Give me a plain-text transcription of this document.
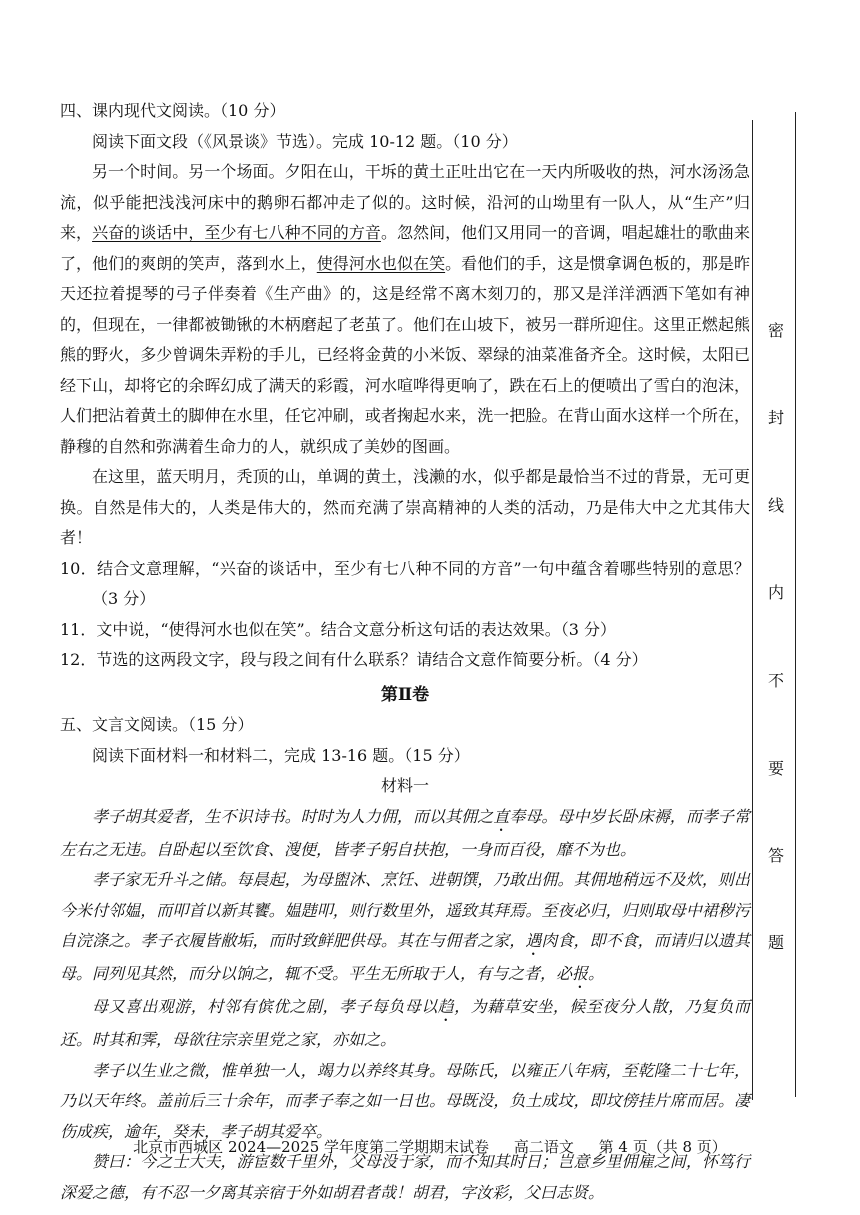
四、课内现代文阅读。（10 分）

阅读下面文段（《风景谈》节选）。完成 10-12 题。（10 分）

另一个时间。另一个场面。夕阳在山，干坼的黄土正吐出它在一天内所吸收的热，河水汤汤急流，似乎能把浅浅河床中的鹅卵石都冲走了似的。这时候，沿河的山坳里有一队人，从“生产”归来，兴奋的谈话中，至少有七八种不同的方音。忽然间，他们又用同一的音调，唱起雄壮的歌曲来了，他们的爽朗的笑声，落到水上，使得河水也似在笑。看他们的手，这是惯拿调色板的，那是昨天还拉着提琴的弓子伴奏着《生产曲》的，这是经常不离木刻刀的，那又是洋洋洒洒下笔如有神的，但现在，一律都被锄锹的木柄磨起了老茧了。他们在山坡下，被另一群所迎住。这里正燃起熊熊的野火，多少曾调朱弄粉的手儿，已经将金黄的小米饭、翠绿的油菜准备齐全。这时候，太阳已经下山，却将它的余晖幻成了满天的彩霞，河水喧哗得更响了，跌在石上的便喷出了雪白的泡沫，人们把沾着黄土的脚伸在水里，任它冲刷，或者掬起水来，洗一把脸。在背山面水这样一个所在，静穆的自然和弥满着生命力的人，就织成了美妙的图画。

在这里，蓝天明月，秃顶的山，单调的黄土，浅濑的水，似乎都是最恰当不过的背景，无可更换。自然是伟大的，人类是伟大的，然而充满了崇高精神的人类的活动，乃是伟大中之尤其伟大者！

10．结合文意理解，“兴奋的谈话中，至少有七八种不同的方音”一句中蕴含着哪些特别的意思？（3 分）

11．文中说，“使得河水也似在笑”。结合文意分析这句话的表达效果。（3 分）

12．节选的这两段文字，段与段之间有什么联系？请结合文意作简要分析。（4 分）

第Ⅱ卷

五、文言文阅读。（15 分）

阅读下面材料一和材料二，完成 13-16 题。（15 分）

材料一

孝子胡其爱者，生不识诗书。时时为人力佣，而以其佣之直奉母。母中岁长卧床褥，而孝子常左右之无违。自卧起以至饮食、溲便，皆孝子躬自扶抱，一身而百役，靡不为也。

孝子家无升斗之储。每晨起，为母盥沐、烹饪、进朝馔，乃敢出佣。其佣地稍远不及炊，则出今米付邻媪，而叩首以新其饔。媪韪叩，则行数里外，遥致其拜焉。至夜必归，归则取母中裙秽污自浣涤之。孝子衣履皆敝垢，而时致鲜肥供母。其在与佣者之家，遇肉食，即不食，而请归以遗其母。同列见其然，而分以饷之，辄不受。平生无所取于人，有与之者，必报。

母又喜出观游，村邻有傧优之剧，孝子每负母以趋，为藉草安坐，候至夜分人散，乃复负而还。时其和霁，母欲往宗亲里党之家，亦如之。

孝子以生业之微，惟单独一人，竭力以养终其身。母陈氏，以雍正八年病，至乾隆二十七年，乃以天年终。盖前后三十余年，而孝子奉之如一日也。母既没，负土成坟，即坟傍挂片席而居。凄伤成疾，逾年，癸未，孝子胡其爱卒。

赞曰：今之士大夫，游宦数千里外，父母没于家，而不知其时日；岂意乡里佣雇之间，怀笃行深爱之德，有不忍一夕离其亲宿于外如胡君者哉！胡君，字汝彩，父曰志贤。

密
封
线
内
不
要
答
题
北京市西城区 2024—2025 学年度第二学期期末试卷 高二语文 第 4 页（共 8 页）
